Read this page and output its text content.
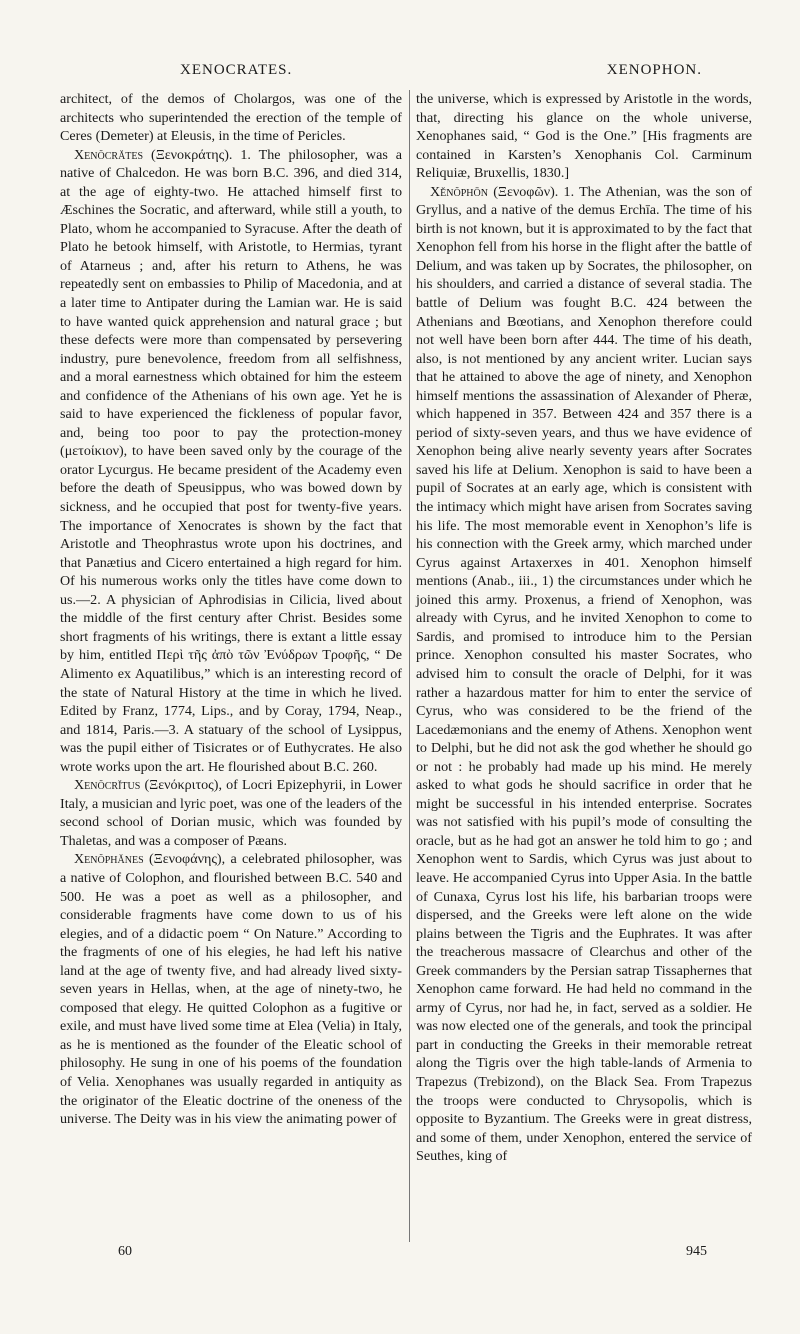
XENOCRATES.	XENOPHON.

architect, of the demos of Cholargos, was one of the architects who superintended the erection of the temple of Ceres (Demeter) at Eleusis, in the time of Pericles.

Xenŏcrătes (Ξενοκράτης). 1. The philosopher, was a native of Chalcedon. He was born B.C. 396, and died 314, at the age of eighty-two. He attached himself first to Æschines the Socratic, and afterward, while still a youth, to Plato, whom he accompanied to Syracuse. After the death of Plato he betook himself, with Aristotle, to Hermias, tyrant of Atarneus ; and, after his return to Athens, he was repeatedly sent on embassies to Philip of Macedonia, and at a later time to Antipater during the Lamian war. He is said to have wanted quick apprehension and natural grace ; but these defects were more than compensated by persevering industry, pure benevolence, freedom from all selfishness, and a moral earnestness which obtained for him the esteem and confidence of the Athenians of his own age. Yet he is said to have experienced the fickleness of popular favor, and, being too poor to pay the protection-money (μετοίκιον), to have been saved only by the courage of the orator Lycurgus. He became president of the Academy even before the death of Speusippus, who was bowed down by sickness, and he occupied that post for twenty-five years. The importance of Xenocrates is shown by the fact that Aristotle and Theophrastus wrote upon his doctrines, and that Panætius and Cicero entertained a high regard for him. Of his numerous works only the titles have come down to us.—2. A physician of Aphrodisias in Cilicia, lived about the middle of the first century after Christ. Besides some short fragments of his writings, there is extant a little essay by him, entitled Περὶ τῆς ἀπὸ τῶν Ἐνύδρων Τροφῆς, “ De Alimento ex Aquatilibus,” which is an interesting record of the state of Natural History at the time in which he lived. Edited by Franz, 1774, Lips., and by Coray, 1794, Neap., and 1814, Paris.—3. A statuary of the school of Lysippus, was the pupil either of Tisicrates or of Euthycrates. He also wrote works upon the art. He flourished about B.C. 260.

Xenŏcrĭtus (Ξενόκριτος), of Locri Epizephyrii, in Lower Italy, a musician and lyric poet, was one of the leaders of the second school of Dorian music, which was founded by Thaletas, and was a composer of Pæans.

Xenŏphănes (Ξενοφάνης), a celebrated philosopher, was a native of Colophon, and flourished between B.C. 540 and 500. He was a poet as well as a philosopher, and considerable fragments have come down to us of his elegies, and of a didactic poem “ On Nature.” According to the fragments of one of his elegies, he had left his native land at the age of twenty five, and had already lived sixty-seven years in Hellas, when, at the age of ninety-two, he composed that elegy. He quitted Colophon as a fugitive or exile, and must have lived some time at Elea (Velia) in Italy, as he is mentioned as the founder of the Eleatic school of philosophy. He sung in one of his poems of the foundation of Velia. Xenophanes was usually regarded in antiquity as the originator of the Eleatic doctrine of the oneness of the universe. The Deity was in his view the animating power of

the universe, which is expressed by Aristotle in the words, that, directing his glance on the whole universe, Xenophanes said, “ God is the One.” [His fragments are contained in Karsten’s Xenophanis Col. Carminum Reliquiæ, Bruxellis, 1830.]

Xĕnŏphōn (Ξενοφῶν). 1. The Athenian, was the son of Gryllus, and a native of the demus Erchīa. The time of his birth is not known, but it is approximated to by the fact that Xenophon fell from his horse in the flight after the battle of Delium, and was taken up by Socrates, the philosopher, on his shoulders, and carried a distance of several stadia. The battle of Delium was fought B.C. 424 between the Athenians and Bœotians, and Xenophon therefore could not well have been born after 444. The time of his death, also, is not mentioned by any ancient writer. Lucian says that he attained to above the age of ninety, and Xenophon himself mentions the assassination of Alexander of Pheræ, which happened in 357. Between 424 and 357 there is a period of sixty-seven years, and thus we have evidence of Xenophon being alive nearly seventy years after Socrates saved his life at Delium. Xenophon is said to have been a pupil of Socrates at an early age, which is consistent with the intimacy which might have arisen from Socrates saving his life. The most memorable event in Xenophon’s life is his connection with the Greek army, which marched under Cyrus against Artaxerxes in 401. Xenophon himself mentions (Anab., iii., 1) the circumstances under which he joined this army. Proxenus, a friend of Xenophon, was already with Cyrus, and he invited Xenophon to come to Sardis, and promised to introduce him to the Persian prince. Xenophon consulted his master Socrates, who advised him to consult the oracle of Delphi, for it was rather a hazardous matter for him to enter the service of Cyrus, who was considered to be the friend of the Lacedæmonians and the enemy of Athens. Xenophon went to Delphi, but he did not ask the god whether he should go or not : he probably had made up his mind. He merely asked to what gods he should sacrifice in order that he might be successful in his intended enterprise. Socrates was not satisfied with his pupil’s mode of consulting the oracle, but as he had got an answer he told him to go ; and Xenophon went to Sardis, which Cyrus was just about to leave. He accompanied Cyrus into Upper Asia. In the battle of Cunaxa, Cyrus lost his life, his barbarian troops were dispersed, and the Greeks were left alone on the wide plains between the Tigris and the Euphrates. It was after the treacherous massacre of Clearchus and other of the Greek commanders by the Persian satrap Tissaphernes that Xenophon came forward. He had held no command in the army of Cyrus, nor had he, in fact, served as a soldier. He was now elected one of the generals, and took the principal part in conducting the Greeks in their memorable retreat along the Tigris over the high table-lands of Armenia to Trapezus (Trebizond), on the Black Sea. From Trapezus the troops were conducted to Chrysopolis, which is opposite to Byzantium. The Greeks were in great distress, and some of them, under Xenophon, entered the service of Seuthes, king of

60	945
